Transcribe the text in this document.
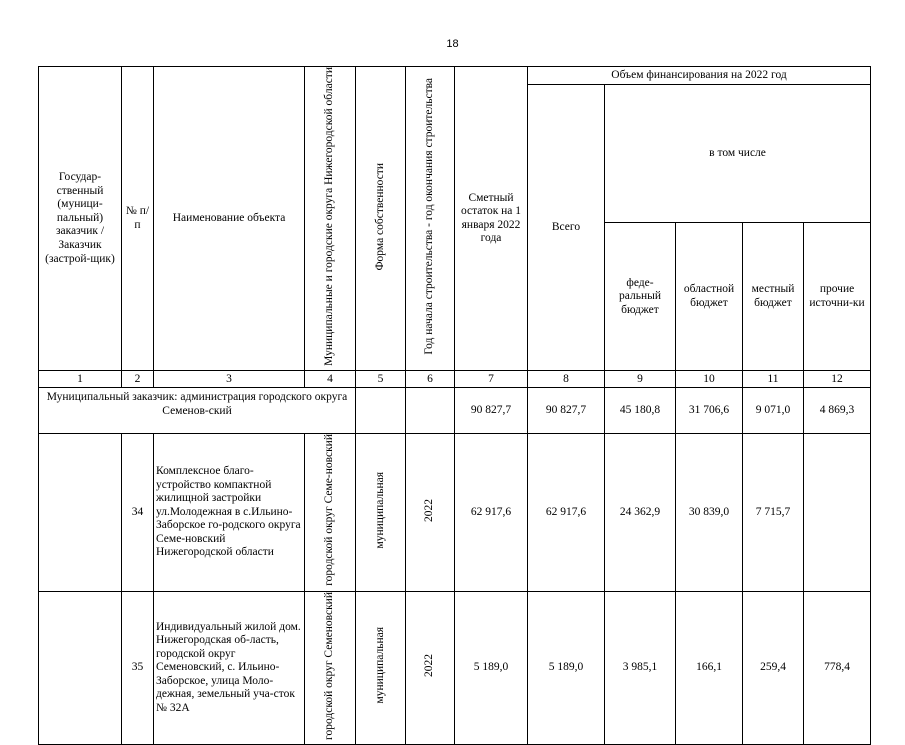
18
Государ-ственный (муници-пальный) заказчик / Заказчик (застрой-щик)	№ п/п	Наименование объекта	Муниципальные и городские округа Нижегородской области	Форма собственности	Год начала строительства - год окончания строительства	Сметный остаток на 1 января 2022 года	Объем финансирования на 2022 год				
							Всего	в том числе			
								феде-ральный бюджет	областной бюджет	местный бюджет	прочие источни-ки
1	2	3	4	5	6	7	8	9	10	11	12
Муниципальный заказчик: администрация городского округа Семенов-ский						90 827,7	90 827,7	45 180,8	31 706,6	9 071,0	4 869,3
	34	Комплексное благо-устройство компактной жилищной застройки ул.Молодежная в с.Ильино-Заборское го-родского округа Семе-новский Нижегородской области	городской округ Семе-новский	муниципальная	2022	62 917,6	62 917,6	24 362,9	30 839,0	7 715,7	
	35	Индивидуальный жилой дом. Нижегородская об-ласть, городской округ Семеновский, с. Ильино-Заборское, улица Моло-дежная, земельный уча-сток № 32А	городской округ Семеновский	муниципальная	2022	5 189,0	5 189,0	3 985,1	166,1	259,4	778,4
